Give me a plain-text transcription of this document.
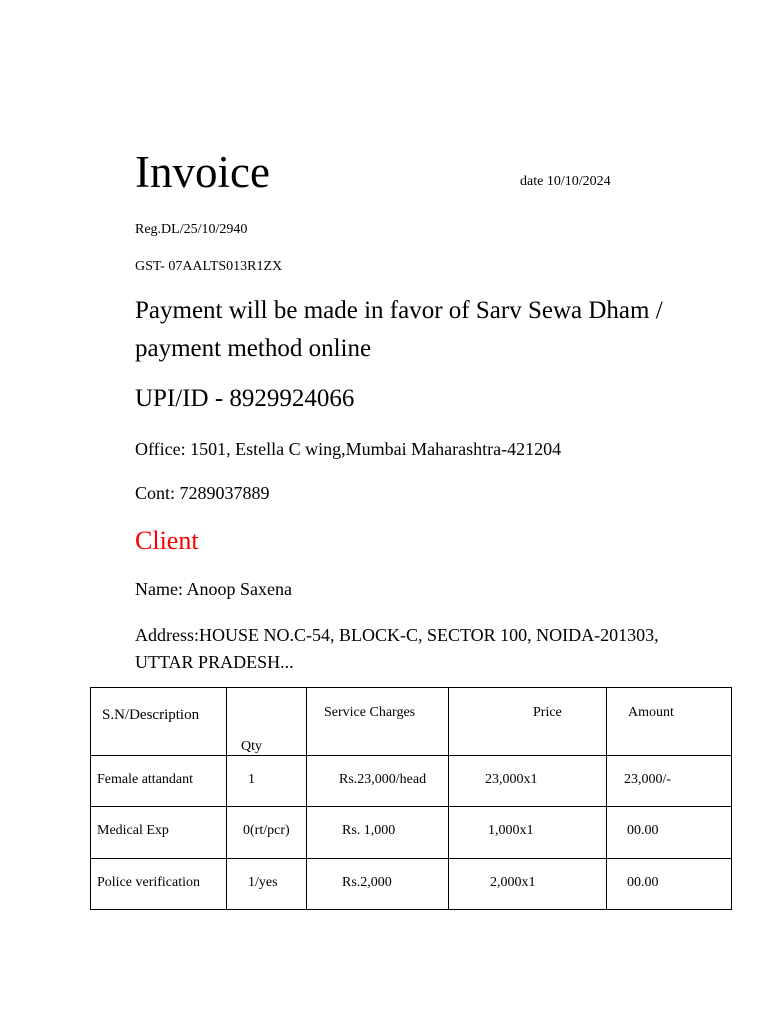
Invoice	date 10/10/2024
Reg.DL/25/10/2940
GST- 07AALTS013R1ZX
Payment will be made in favor of Sarv Sewa Dham / payment method online
UPI/ID - 8929924066
Office: 1501, Estella C wing,Mumbai Maharashtra-421204
Cont: 7289037889
Client
Name: Anoop Saxena
Address:HOUSE NO.C-54, BLOCK-C, SECTOR 100, NOIDA-201303, UTTAR PRADESH...
S.N/Description	Qty	Service Charges	Price	Amount

Female attandant	1	Rs.23,000/head	23,000x1	23,000/-

Medical Exp	0(rt/pcr)	Rs. 1,000	1,000x1	00.00

Police verification	1/yes	Rs.2,000	2,000x1	00.00
